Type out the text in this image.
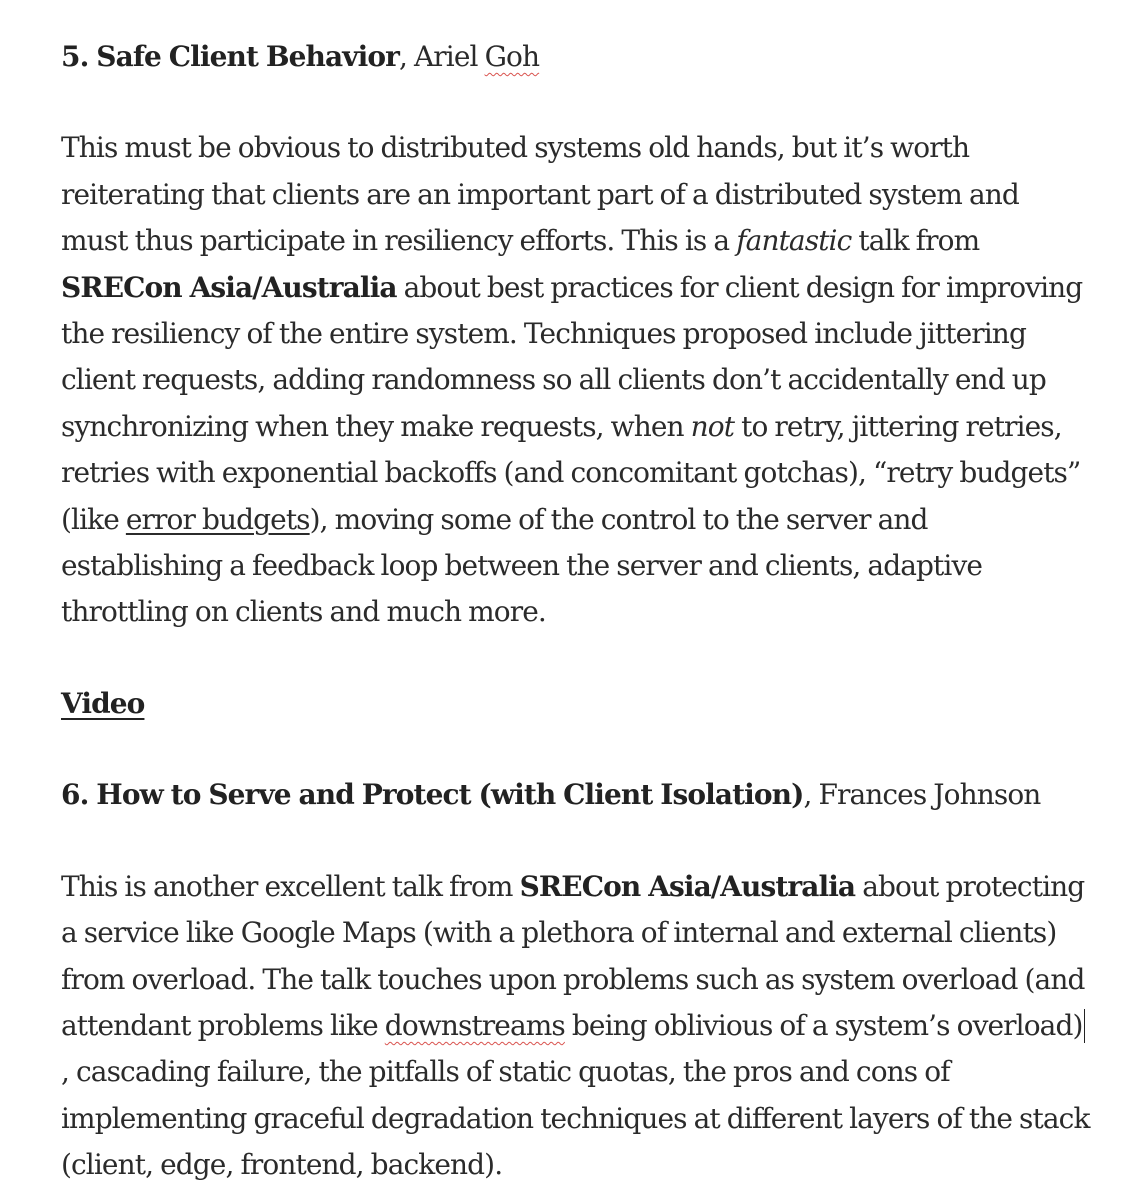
5. Safe Client Behavior, Ariel Goh

This must be obvious to distributed systems old hands, but it’s worth reiterating that clients are an important part of a distributed system and must thus participate in resiliency efforts. This is a fantastic talk from SRECon Asia/Australia about best practices for client design for improving the resiliency of the entire system. Techniques proposed include jittering client requests, adding randomness so all clients don’t accidentally end up synchronizing when they make requests, when not to retry, jittering retries, retries with exponential backoffs (and concomitant gotchas), “retry budgets” (like error budgets), moving some of the control to the server and establishing a feedback loop between the server and clients, adaptive throttling on clients and much more.

Video

6. How to Serve and Protect (with Client Isolation), Frances Johnson

This is another excellent talk from SRECon Asia/Australia about protecting a service like Google Maps (with a plethora of internal and external clients) from overload. The talk touches upon problems such as system overload (and attendant problems like downstreams being oblivious of a system’s overload), cascading failure, the pitfalls of static quotas, the pros and cons of implementing graceful degradation techniques at different layers of the stack (client, edge, frontend, backend).
